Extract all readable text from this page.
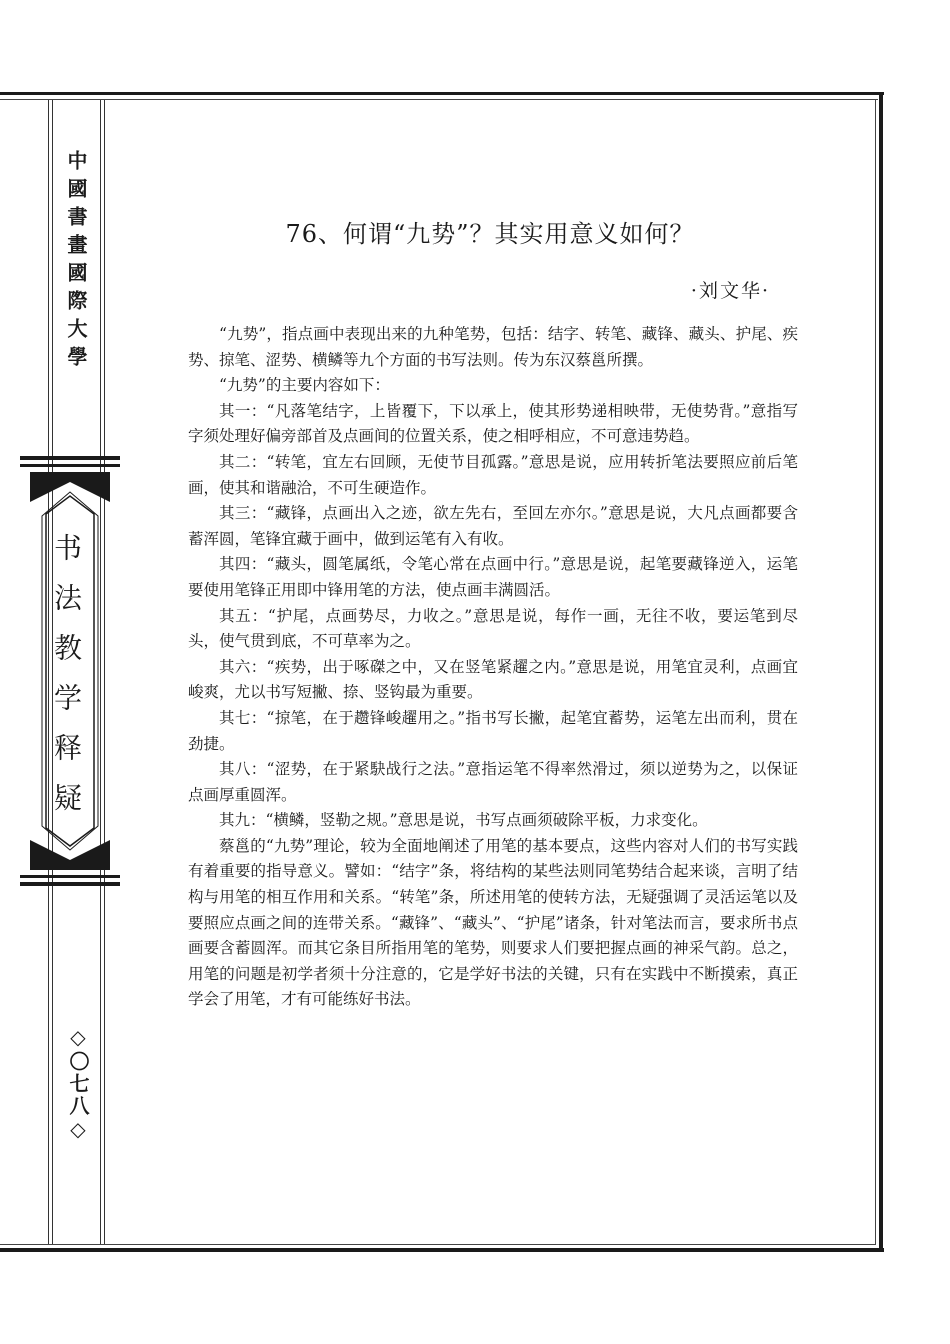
中國書畫國際大學
书法教学释疑
◇〇七八◇
76、何谓“九势”？其实用意义如何？
·刘文华·

“九势”，指点画中表现出来的九种笔势，包括：结字、转笔、藏锋、藏头、护尾、疾势、掠笔、涩势、横鳞等九个方面的书写法则。传为东汉蔡邕所撰。

“九势”的主要内容如下：

其一：“凡落笔结字，上皆覆下，下以承上，使其形势递相映带，无使势背。”意指写字须处理好偏旁部首及点画间的位置关系，使之相呼相应，不可意违势趋。

其二：“转笔，宜左右回顾，无使节目孤露。”意思是说，应用转折笔法要照应前后笔画，使其和谐融洽，不可生硬造作。

其三：“藏锋，点画出入之迹，欲左先右，至回左亦尔。”意思是说，大凡点画都要含蓄浑圆，笔锋宜藏于画中，做到运笔有入有收。

其四：“藏头，圆笔属纸，令笔心常在点画中行。”意思是说，起笔要藏锋逆入，运笔要使用笔锋正用即中锋用笔的方法，使点画丰满圆活。

其五：“护尾，点画势尽，力收之。”意思是说，每作一画，无往不收，要运笔到尽头，使气贯到底，不可草率为之。

其六：“疾势，出于啄磔之中，又在竖笔紧趯之内。”意思是说，用笔宜灵利，点画宜峻爽，尤以书写短撇、捺、竖钩最为重要。

其七：“掠笔，在于趱锋峻趯用之。”指书写长撇，起笔宜蓄势，运笔左出而利，贯在劲捷。

其八：“涩势，在于紧駃战行之法。”意指运笔不得率然滑过，须以逆势为之，以保证点画厚重圆浑。

其九：“横鳞，竖勒之规。”意思是说，书写点画须破除平板，力求变化。

蔡邕的“九势”理论，较为全面地阐述了用笔的基本要点，这些内容对人们的书写实践有着重要的指导意义。譬如：“结字”条，将结构的某些法则同笔势结合起来谈，言明了结构与用笔的相互作用和关系。“转笔”条，所述用笔的使转方法，无疑强调了灵活运笔以及要照应点画之间的连带关系。“藏锋”、“藏头”、“护尾”诸条，针对笔法而言，要求所书点画要含蓄圆浑。而其它条目所指用笔的笔势，则要求人们要把握点画的神采气韵。总之，用笔的问题是初学者须十分注意的，它是学好书法的关键，只有在实践中不断摸索，真正学会了用笔，才有可能练好书法。
